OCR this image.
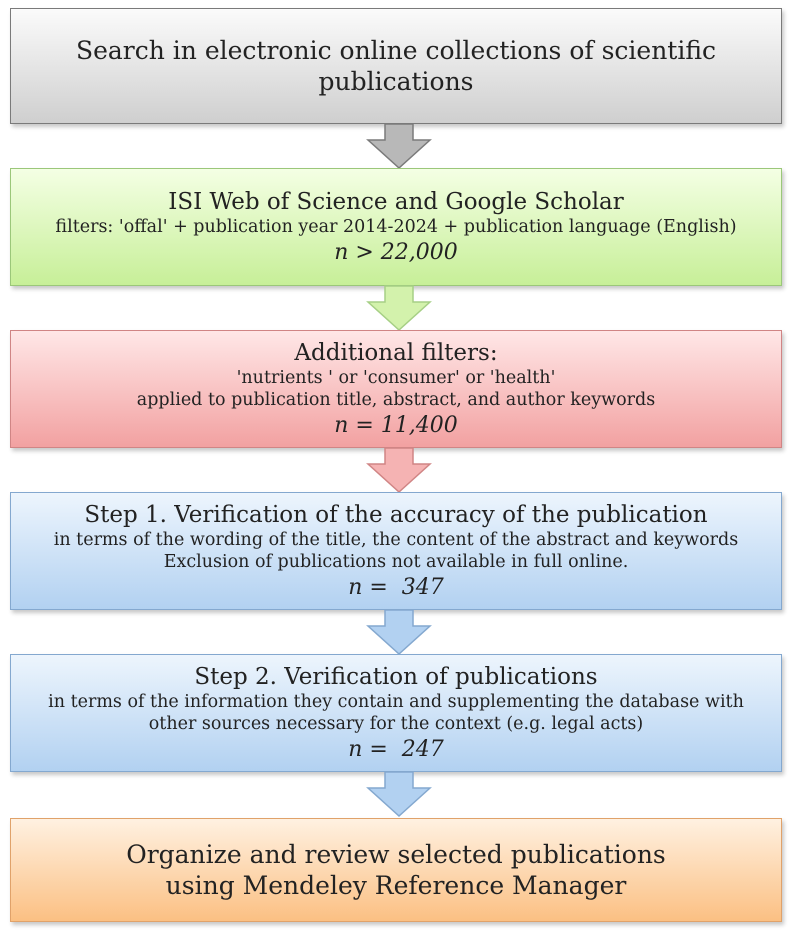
Search in electronic online collections of scientific
publications
ISI Web of Science and Google Scholar
filters: 'offal' + publication year 2014-2024 + publication language (English)
n > 22,000
Additional filters:
'nutrients ' or 'consumer' or 'health'
applied to publication title, abstract, and author keywords
n = 11,400
Step 1. Verification of the accuracy of the publication
in terms of the wording of the title, the content of the abstract and keywords
Exclusion of publications not available in full online.
n =  347
Step 2. Verification of publications
in terms of the information they contain and supplementing the database with
other sources necessary for the context (e.g. legal acts)
n =  247
Organize and review selected publications
using Mendeley Reference Manager
